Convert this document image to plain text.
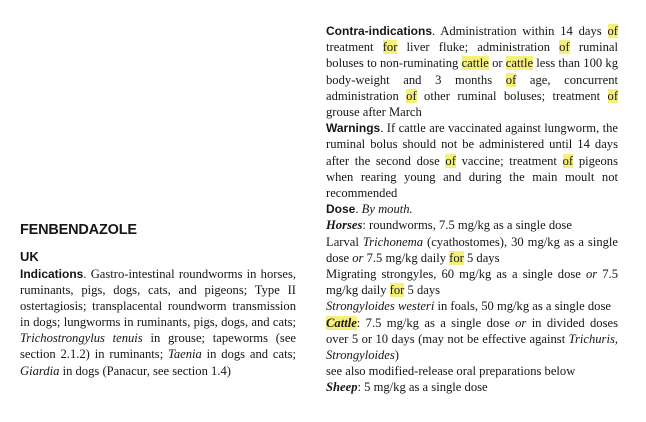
FENBENDAZOLE

UK

Indications. Gastro-intestinal roundworms in horses, ruminants, pigs, dogs, cats, and pigeons; Type II ostertagiosis; transplacental roundworm transmission in dogs; lungworms in ruminants, pigs, dogs, and cats; Trichostrongylus tenuis in grouse; tapeworms (see section 2.1.2) in ruminants; Taenia in dogs and cats; Giardia in dogs (Panacur, see section 1.4)

Contra-indications. Administration within 14 days of treatment for liver fluke; administration of ruminal boluses to non-ruminating cattle or cattle less than 100 kg body-weight and 3 months of age, concurrent administration of other ruminal boluses; treatment of grouse after March

Warnings. If cattle are vaccinated against lungworm, the ruminal bolus should not be administered until 14 days after the second dose of vaccine; treatment of pigeons when rearing young and during the main moult not recommended

Dose. By mouth.

Horses: roundworms, 7.5 mg/kg as a single dose

Larval Trichonema (cyathostomes), 30 mg/kg as a single dose or 7.5 mg/kg daily for 5 days

Migrating strongyles, 60 mg/kg as a single dose or 7.5 mg/kg daily for 5 days

Strongyloides westeri in foals, 50 mg/kg as a single dose

Cattle: 7.5 mg/kg as a single dose or in divided doses over 5 or 10 days (may not be effective against Trichuris, Strongyloides)

see also modified-release oral preparations below

Sheep: 5 mg/kg as a single dose
